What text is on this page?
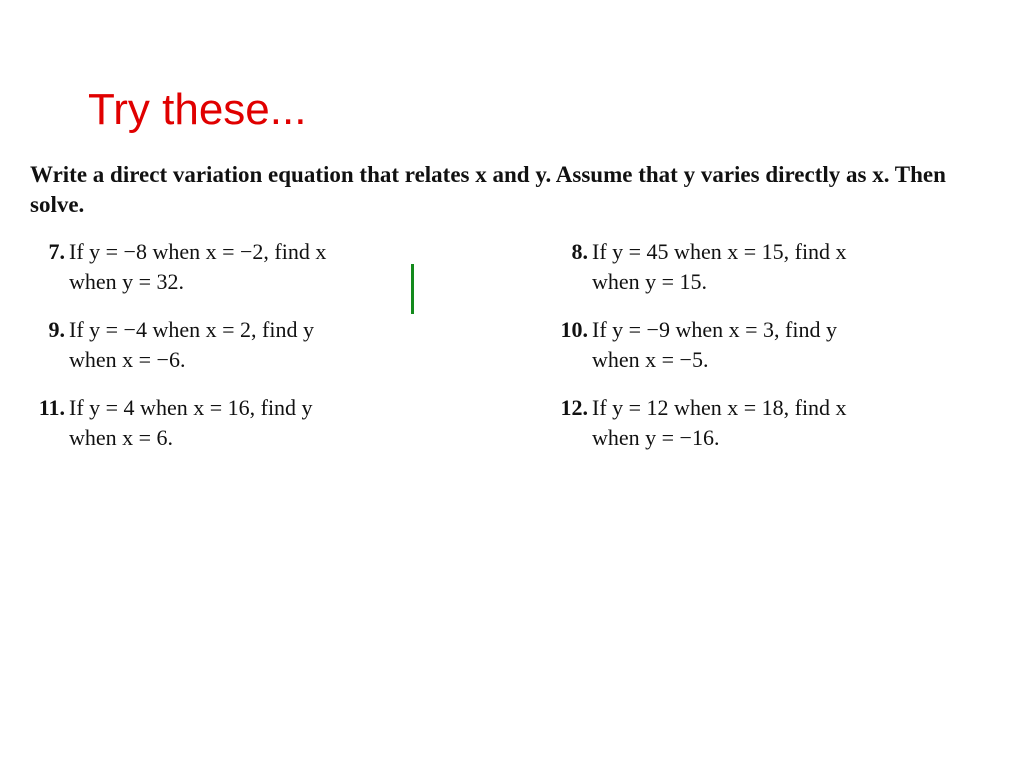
Try these...

Write a direct variation equation that relates x and y. Assume that y varies directly as x. Then solve.

7. If y = −8 when x = −2, find x
when y = 32.
8. If y = 45 when x = 15, find x
when y = 15.
9. If y = −4 when x = 2, find y
when x = −6.
10. If y = −9 when x = 3, find y
when x = −5.
11. If y = 4 when x = 16, find y
when x = 6.
12. If y = 12 when x = 18, find x
when y = −16.
